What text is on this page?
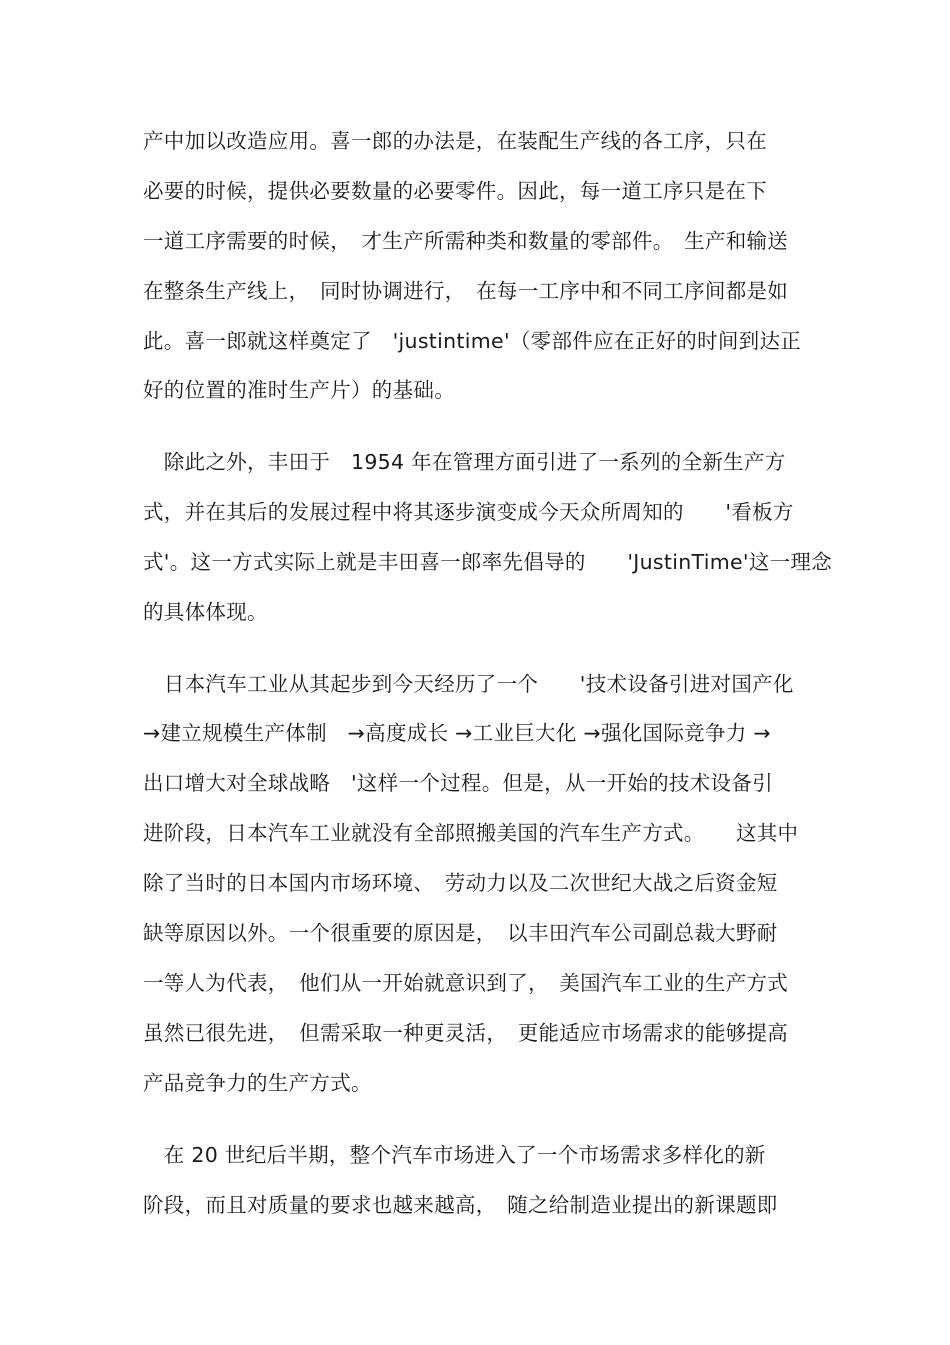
产中加以改造应用。喜一郎的办法是，在装配生产线的各工序，只在
必要的时候，提供必要数量的必要零件。因此，每一道工序只是在下
一道工序需要的时候，　才生产所需种类和数量的零部件。　生产和输送
在整条生产线上，　同时协调进行，　在每一工序中和不同工序间都是如
此。喜一郎就这样奠定了　'justintime'（零部件应在正好的时间到达正
好的位置的准时生产片）的基础。
　除此之外，丰田于　1954 年在管理方面引进了一系列的全新生产方
式，并在其后的发展过程中将其逐步演变成今天众所周知的　　'看板方
式'。这一方式实际上就是丰田喜一郎率先倡导的　　'JustinTime'这一理念
的具体体现。
　日本汽车工业从其起步到今天经历了一个　　'技术设备引进对国产化
→建立规模生产体制　→高度成长 →工业巨大化 →强化国际竞争力 →
出口增大对全球战略　'这样一个过程。但是，从一开始的技术设备引
进阶段，日本汽车工业就没有全部照搬美国的汽车生产方式。　　这其中
除了当时的日本国内市场环境、　劳动力以及二次世纪大战之后资金短
缺等原因以外。一个很重要的原因是，　以丰田汽车公司副总裁大野耐
一等人为代表，　他们从一开始就意识到了，　美国汽车工业的生产方式
虽然已很先进，　但需采取一种更灵活，　更能适应市场需求的能够提高
产品竞争力的生产方式。
　在 20 世纪后半期，整个汽车市场进入了一个市场需求多样化的新
阶段，而且对质量的要求也越来越高，　随之给制造业提出的新课题即
